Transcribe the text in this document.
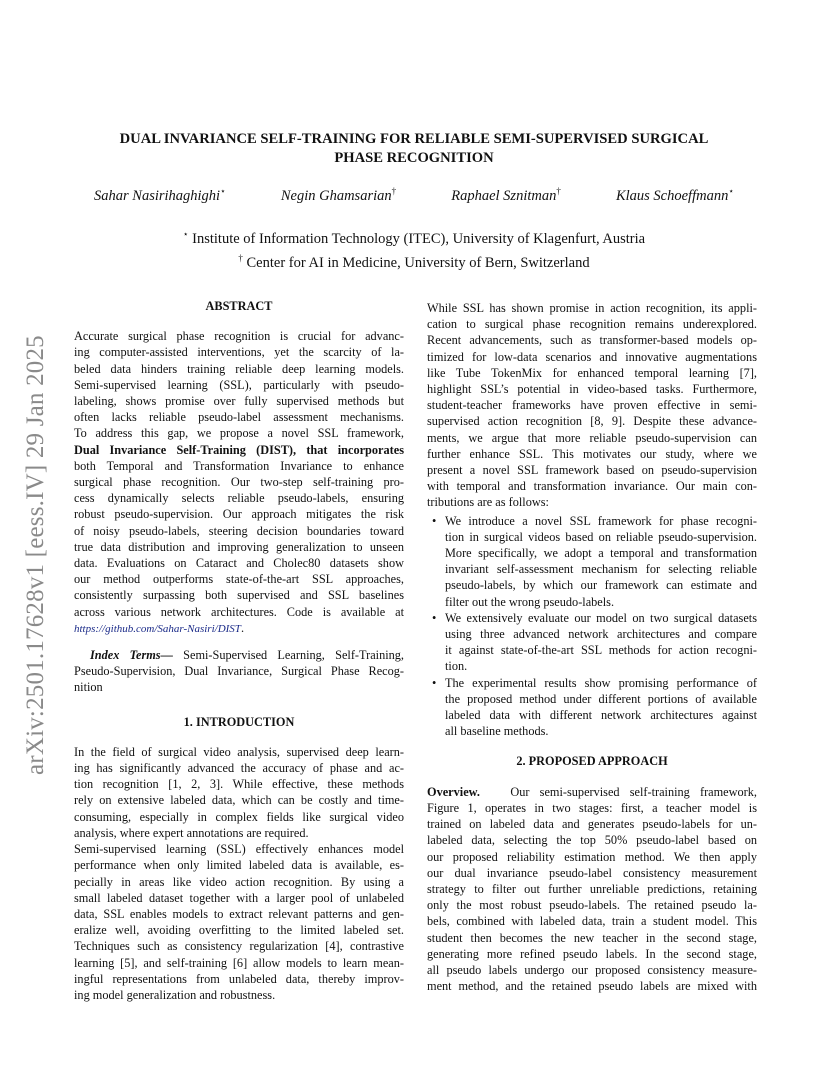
arXiv:2501.17628v1 [eess.IV] 29 Jan 2025
DUAL INVARIANCE SELF-TRAINING FOR RELIABLE SEMI-SUPERVISED SURGICAL
PHASE RECOGNITION
Sahar Nasirihaghighi⋆	Negin Ghamsarian†	Raphael Sznitman†	Klaus Schoeffmann⋆
⋆ Institute of Information Technology (ITEC), University of Klagenfurt, Austria
† Center for AI in Medicine, University of Bern, Switzerland
ABSTRACT
Accurate surgical phase recognition is crucial for advanc-
ing computer-assisted interventions, yet the scarcity of la-
beled data hinders training reliable deep learning models.
Semi-supervised learning (SSL), particularly with pseudo-
labeling, shows promise over fully supervised methods but
often lacks reliable pseudo-label assessment mechanisms.
To address this gap, we propose a novel SSL framework,
Dual Invariance Self-Training (DIST), that incorporates
both Temporal and Transformation Invariance to enhance
surgical phase recognition. Our two-step self-training pro-
cess dynamically selects reliable pseudo-labels, ensuring
robust pseudo-supervision. Our approach mitigates the risk
of noisy pseudo-labels, steering decision boundaries toward
true data distribution and improving generalization to unseen
data. Evaluations on Cataract and Cholec80 datasets show
our method outperforms state-of-the-art SSL approaches,
consistently surpassing both supervised and SSL baselines
across various network architectures. Code is available at
https://github.com/Sahar-Nasiri/DIST.
Index Terms— Semi-Supervised Learning, Self-Training,
Pseudo-Supervision, Dual Invariance, Surgical Phase Recog-
nition
1. INTRODUCTION
In the field of surgical video analysis, supervised deep learn-
ing has significantly advanced the accuracy of phase and ac-
tion recognition [1, 2, 3]. While effective, these methods
rely on extensive labeled data, which can be costly and time-
consuming, especially in complex fields like surgical video
analysis, where expert annotations are required.
Semi-supervised learning (SSL) effectively enhances model
performance when only limited labeled data is available, es-
pecially in areas like video action recognition. By using a
small labeled dataset together with a larger pool of unlabeled
data, SSL enables models to extract relevant patterns and gen-
eralize well, avoiding overfitting to the limited labeled set.
Techniques such as consistency regularization [4], contrastive
learning [5], and self-training [6] allow models to learn mean-
ingful representations from unlabeled data, thereby improv-
ing model generalization and robustness.
While SSL has shown promise in action recognition, its appli-
cation to surgical phase recognition remains underexplored.
Recent advancements, such as transformer-based models op-
timized for low-data scenarios and innovative augmentations
like Tube TokenMix for enhanced temporal learning [7],
highlight SSL’s potential in video-based tasks. Furthermore,
student-teacher frameworks have proven effective in semi-
supervised action recognition [8, 9]. Despite these advance-
ments, we argue that more reliable pseudo-supervision can
further enhance SSL. This motivates our study, where we
present a novel SSL framework based on pseudo-supervision
with temporal and transformation invariance. Our main con-
tributions are as follows:
• We introduce a novel SSL framework for phase recogni-
tion in surgical videos based on reliable pseudo-supervision.
More specifically, we adopt a temporal and transformation
invariant self-assessment mechanism for selecting reliable
pseudo-labels, by which our framework can estimate and
filter out the wrong pseudo-labels.
• We extensively evaluate our model on two surgical datasets
using three advanced network architectures and compare
it against state-of-the-art SSL methods for action recogni-
tion.
• The experimental results show promising performance of
the proposed method under different portions of available
labeled data with different network architectures against
all baseline methods.
2. PROPOSED APPROACH
Overview. Our semi-supervised self-training framework,
Figure 1, operates in two stages: first, a teacher model is
trained on labeled data and generates pseudo-labels for un-
labeled data, selecting the top 50% pseudo-label based on
our proposed reliability estimation method. We then apply
our dual invariance pseudo-label consistency measurement
strategy to filter out further unreliable predictions, retaining
only the most robust pseudo-labels. The retained pseudo la-
bels, combined with labeled data, train a student model. This
student then becomes the new teacher in the second stage,
generating more refined pseudo labels. In the second stage,
all pseudo labels undergo our proposed consistency measure-
ment method, and the retained pseudo labels are mixed with
